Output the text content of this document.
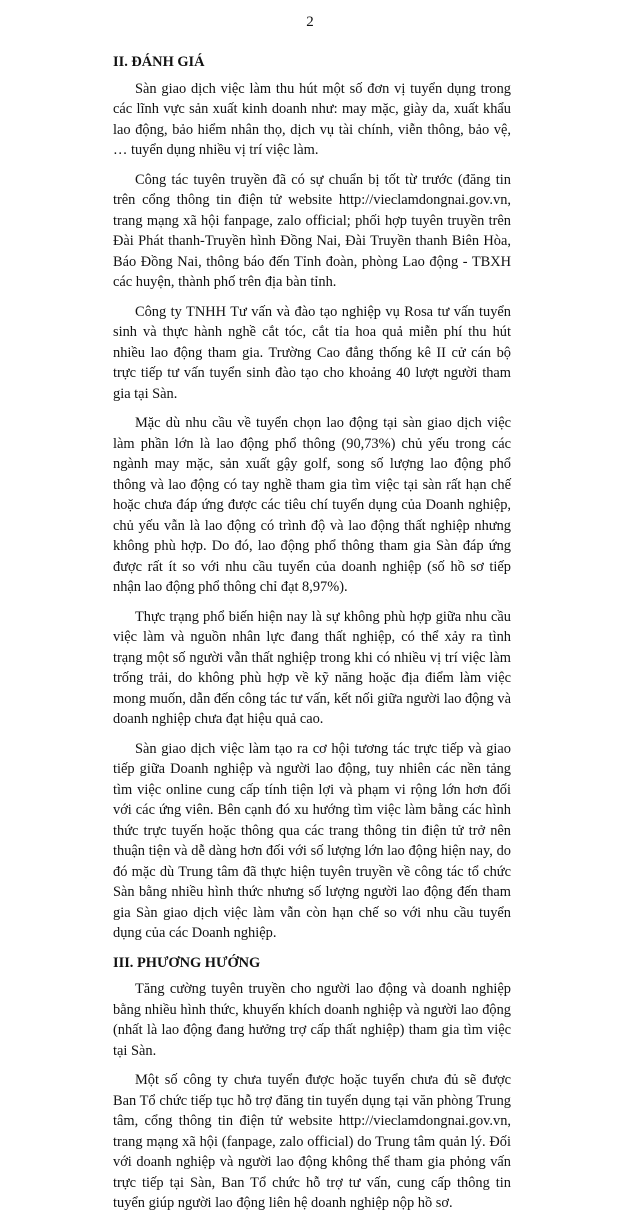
2
II. ĐÁNH GIÁ

Sàn giao dịch việc làm thu hút một số đơn vị tuyển dụng trong các lĩnh vực sản xuất kinh doanh như: may mặc, giày da, xuất khẩu lao động, bảo hiểm nhân thọ, dịch vụ tài chính, viễn thông, bảo vệ, … tuyển dụng nhiều vị trí việc làm.

Công tác tuyên truyền đã có sự chuẩn bị tốt từ trước (đăng tin trên cổng thông tin điện tử website http://vieclamdongnai.gov.vn, trang mạng xã hội fanpage, zalo official; phối hợp tuyên truyền trên Đài Phát thanh-Truyền hình Đồng Nai, Đài Truyền thanh Biên Hòa, Báo Đồng Nai, thông báo đến Tỉnh đoàn, phòng Lao động - TBXH các huyện, thành phố trên địa bàn tỉnh.

Công ty TNHH Tư vấn và đào tạo nghiệp vụ Rosa tư vấn tuyển sinh và thực hành nghề cắt tóc, cắt tỉa hoa quả miễn phí thu hút nhiều lao động tham gia. Trường Cao đẳng thống kê II cử cán bộ trực tiếp tư vấn tuyển sinh đào tạo cho khoảng 40 lượt người tham gia tại Sàn.

Mặc dù nhu cầu về tuyển chọn lao động tại sàn giao dịch việc làm phần lớn là lao động phổ thông (90,73%) chủ yếu trong các ngành may mặc, sản xuất gậy golf, song số lượng lao động phổ thông và lao động có tay nghề tham gia tìm việc tại sàn rất hạn chế hoặc chưa đáp ứng được các tiêu chí tuyển dụng của Doanh nghiệp, chủ yếu vẫn là lao động có trình độ và lao động thất nghiệp nhưng không phù hợp. Do đó, lao động phổ thông tham gia Sàn đáp ứng được rất ít so với nhu cầu tuyển của doanh nghiệp (số hồ sơ tiếp nhận lao động phổ thông chỉ đạt 8,97%).

Thực trạng phổ biến hiện nay là sự không phù hợp giữa nhu cầu việc làm và nguồn nhân lực đang thất nghiệp, có thể xảy ra tình trạng một số người vẫn thất nghiệp trong khi có nhiều vị trí việc làm trống trải, do không phù hợp về kỹ năng hoặc địa điểm làm việc mong muốn, dẫn đến công tác tư vấn, kết nối giữa người lao động và doanh nghiệp chưa đạt hiệu quả cao.

Sàn giao dịch việc làm tạo ra cơ hội tương tác trực tiếp và giao tiếp giữa Doanh nghiệp và người lao động, tuy nhiên các nền tảng tìm việc online cung cấp tính tiện lợi và phạm vi rộng lớn hơn đối với các ứng viên. Bên cạnh đó xu hướng tìm việc làm bằng các hình thức trực tuyến hoặc thông qua các trang thông tin điện tử trở nên thuận tiện và dễ dàng hơn đối với số lượng lớn lao động hiện nay, do đó mặc dù Trung tâm đã thực hiện tuyên truyền về công tác tổ chức Sàn bằng nhiều hình thức nhưng số lượng người lao động đến tham gia Sàn giao dịch việc làm vẫn còn hạn chế so với nhu cầu tuyển dụng của các Doanh nghiệp.

III. PHƯƠNG HƯỚNG

Tăng cường tuyên truyền cho người lao động và doanh nghiệp bằng nhiều hình thức, khuyến khích doanh nghiệp và người lao động (nhất là lao động đang hưởng trợ cấp thất nghiệp) tham gia tìm việc tại Sàn.

Một số công ty chưa tuyển được hoặc tuyển chưa đủ sẽ được Ban Tổ chức tiếp tục hỗ trợ đăng tin tuyển dụng tại văn phòng Trung tâm, cổng thông tin điện tử website http://vieclamdongnai.gov.vn, trang mạng xã hội (fanpage, zalo official) do Trung tâm quản lý. Đối với doanh nghiệp và người lao động không thể tham gia phỏng vấn trực tiếp tại Sàn, Ban Tổ chức hỗ trợ tư vấn, cung cấp thông tin tuyển giúp người lao động liên hệ doanh nghiệp nộp hồ sơ.
